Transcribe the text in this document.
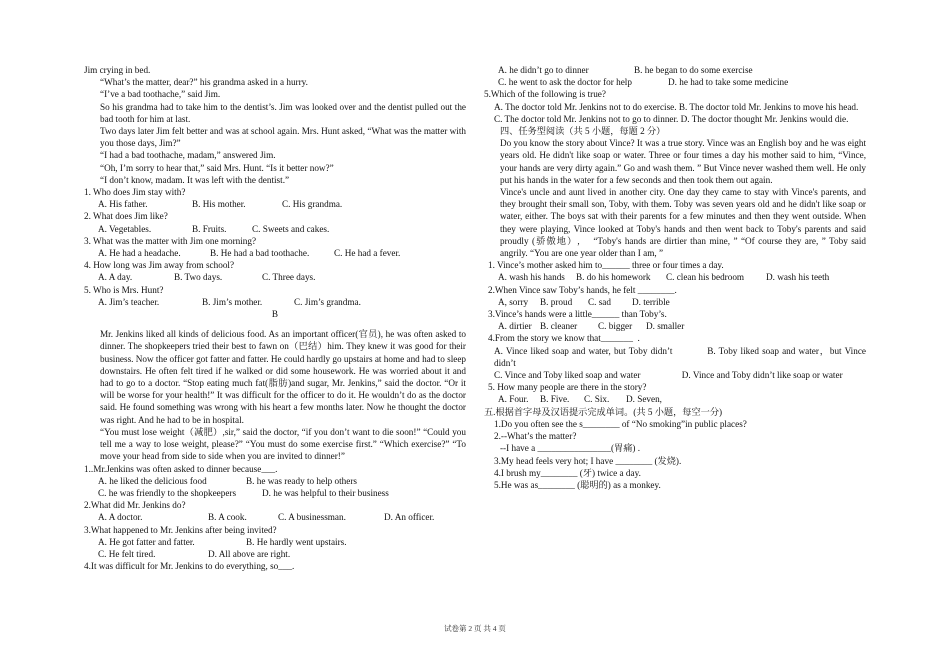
Jim crying in bed.
“What’s the matter, dear?” his grandma asked in a hurry.
“I’ve a bad toothache,” said Jim.
So his grandma had to take him to the dentist’s. Jim was looked over and the dentist pulled out the bad tooth for him at last.
Two days later Jim felt better and was at school again. Mrs. Hunt asked, “What was the matter with you those days, Jim?”
“I had a bad toothache, madam,” answered Jim.
“Oh, I’m sorry to hear that,” said Mrs. Hunt. “Is it better now?”
“I don’t know, madam. It was left with the dentist.”
1. Who does Jim stay with?
A. His father.	B. His mother.	C. His grandma.
2. What does Jim like?
A. Vegetables.	B. Fruits.	C. Sweets and cakes.
3. What was the matter with Jim one morning?
A. He had a headache.	B. He had a bad toothache.	C. He had a fever.
4. How long was Jim away from school?
A. A day.	B. Two days.	C. Three days.
5. Who is Mrs. Hunt?
A. Jim’s teacher.	B. Jim’s mother.	C. Jim’s grandma.
B
Mr. Jenkins liked all kinds of delicious food. As an important officer(官员), he was often asked to dinner. The shopkeepers tried their best to fawn on（巴结）him. They knew it was good for their business. Now the officer got fatter and fatter. He could hardly go upstairs at home and had to sleep downstairs. He often felt tired if he walked or did some housework. He was worried about it and had to go to a doctor. “Stop eating much fat(脂肪)and sugar, Mr. Jenkins,” said the doctor. “Or it will be worse for your health!” It was difficult for the officer to do it. He wouldn’t do as the doctor said. He found something was wrong with his heart a few months later. Now he thought the doctor was right. And he had to be in hospital.
“You must lose weight（减肥）,sir,” said the doctor, “if you don’t want to die soon!” “Could you tell me a way to lose weight, please?” “You must do some exercise first.” “Which exercise?” “To move your head from side to side when you are invited to dinner!”
1..Mr.Jenkins was often asked to dinner because___.
A. he liked the delicious food	B. he was ready to help others
C. he was friendly to the shopkeepers	D. he was helpful to their business
2.What did Mr. Jenkins do?
A. A doctor.	B. A cook.	C. A businessman.	D. An officer.
3.What happened to Mr. Jenkins after being invited?
A. He got fatter and fatter.	B. He hardly went upstairs.
C. He felt tired.	D. All above are right.
4.It was difficult for Mr. Jenkins to do everything, so___.
A. he didn’t go to dinner	B. he began to do some exercise
C. he went to ask the doctor for help	D. he had to take some medicine
5.Which of the following is true?
A. The doctor told Mr. Jenkins not to do exercise. B. The doctor told Mr. Jenkins to move his head.
C. The doctor told Mr. Jenkins not to go to dinner. D. The doctor thought Mr. Jenkins would die.
四、任务型阅读（共 5 小题，每题 2 分）
Do you know the story about Vince? It was a true story. Vince was an English boy and he was eight years old. He didn't like soap or water. Three or four times a day his mother said to him, “Vince, your hands are very dirty again.” Go and wash them. ” But Vince never washed them well. He only put his hands in the water for a few seconds and then took them out again.
Vince's uncle and aunt lived in another city. One day they came to stay with Vince's parents, and they brought their small son, Toby, with them. Toby was seven years old and he didn't like soap or water, either. The boys sat with their parents for a few minutes and then they went outside. When they were playing, Vince looked at Toby's hands and then went back to Toby's parents and said proudly (骄傲地）,    “Toby's hands are dirtier than mine, ” “Of course they are, ” Toby said angrily. “You are one year older than I am, ”
1. Vince’s mother asked him to______ three or four times a day.
A. wash his hands	B. do his homework	C. clean his bedroom	D. wash his teeth
2.When Vince saw Toby’s hands, he felt ________.
A, sorry	B. proud	C. sad	D. terrible
3.Vince’s hands were a little______ than Toby’s.
A. dirtier B. cleaner	C. bigger	D. smaller
4.From the story we know that_______  .
A. Vince liked soap and water, but Toby didn’t           B. Toby liked soap and water，but Vince didn’t
C. Vince and Toby liked soap and water                  D. Vince and Toby didn’t like soap or water
5. How many people are there in the story?
A. Four.	B. Five.	C. Six.	D. Seven,
五.根据首字母及汉语提示完成单词。(共 5 小题，每空一分)
1.Do you often see the s________ of “No smoking”in public places?
2.--What’s the matter?
--I have a ________________(胃痛) .
3.My head feels very hot; I have ________ (发烧).
4.I brush my________ (牙) twice a day.
5.He was as________ (聪明的) as a monkey.
试卷第 2 页 共 4 页
